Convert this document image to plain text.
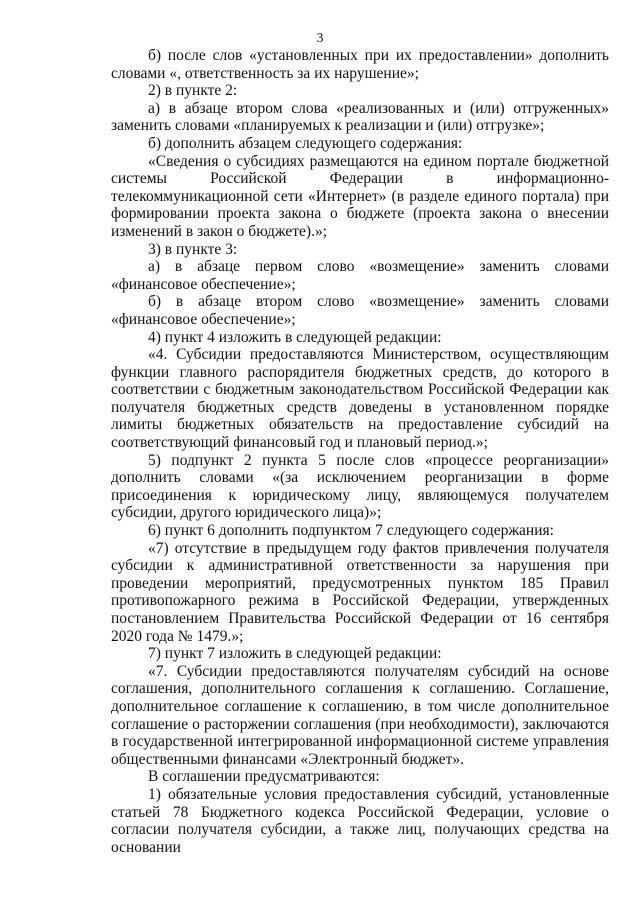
3

б) после слов «установленных при их предоставлении» дополнить словами «, ответственность за их нарушение»;

2) в пункте 2:

а) в абзаце втором слова «реализованных и (или) отгруженных» заменить словами «планируемых к реализации и (или) отгрузке»;

б) дополнить абзацем следующего содержания:

«Сведения о субсидиях размещаются на едином портале бюджетной системы Российской Федерации в информационно-телекоммуникационной сети «Интернет» (в разделе единого портала) при формировании проекта закона о бюджете (проекта закона о внесении изменений в закон о бюджете).»;

3) в пункте 3:

а) в абзаце первом слово «возмещение» заменить словами «финансовое обеспечение»;

б) в абзаце втором слово «возмещение» заменить словами «финансовое обеспечение»;

4) пункт 4 изложить в следующей редакции:

«4. Субсидии предоставляются Министерством, осуществляющим функции главного распорядителя бюджетных средств, до которого в соответствии с бюджетным законодательством Российской Федерации как получателя бюджетных средств доведены в установленном порядке лимиты бюджетных обязательств на предоставление субсидий на соответствующий финансовый год и плановый период.»;

5) подпункт 2 пункта 5 после слов «процессе реорганизации» дополнить словами «(за исключением реорганизации в форме присоединения к юридическому лицу, являющемуся получателем субсидии, другого юридического лица)»;

6) пункт 6 дополнить подпунктом 7 следующего содержания:

«7) отсутствие в предыдущем году фактов привлечения получателя субсидии к административной ответственности за нарушения при проведении мероприятий, предусмотренных пунктом 185 Правил противопожарного режима в Российской Федерации, утвержденных постановлением Правительства Российской Федерации от 16 сентября 2020 года № 1479.»;

7) пункт 7 изложить в следующей редакции:

«7. Субсидии предоставляются получателям субсидий на основе соглашения, дополнительного соглашения к соглашению. Соглашение, дополнительное соглашение к соглашению, в том числе дополнительное соглашение о расторжении соглашения (при необходимости), заключаются в государственной интегрированной информационной системе управления общественными финансами «Электронный бюджет».

В соглашении предусматриваются:

1) обязательные условия предоставления субсидий, установленные статьей 78 Бюджетного кодекса Российской Федерации, условие о согласии получателя субсидии, а также лиц, получающих средства на основании
